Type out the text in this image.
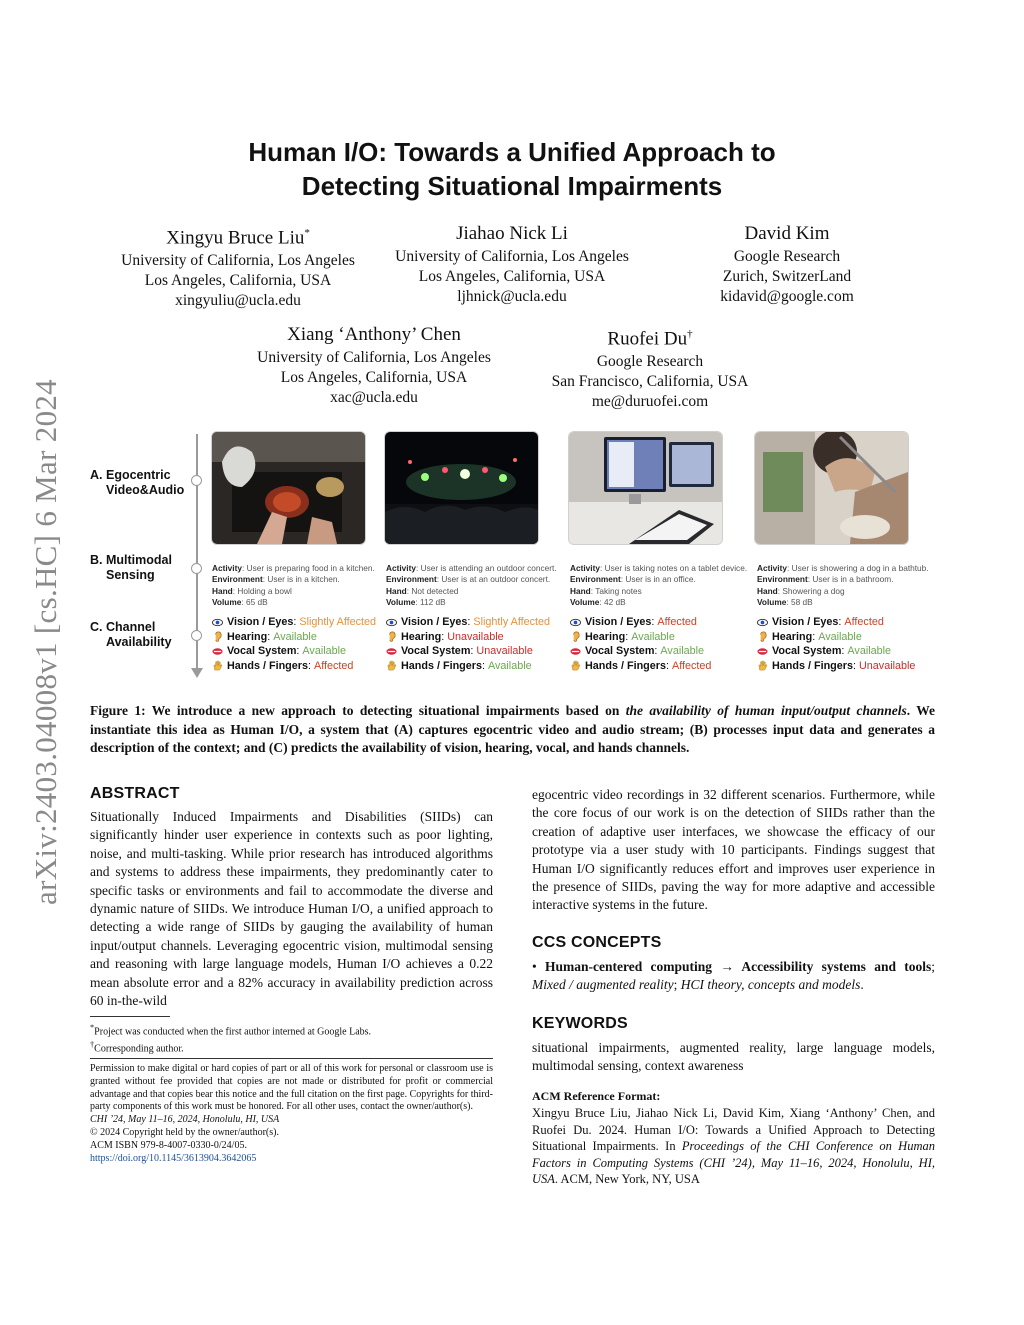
arXiv:2403.04008v1 [cs.HC] 6 Mar 2024
Human I/O: Towards a Unified Approach to
Detecting Situational Impairments
Xingyu Bruce Liu*
University of California, Los Angeles
Los Angeles, California, USA
xingyuliu@ucla.edu
Jiahao Nick Li
University of California, Los Angeles
Los Angeles, California, USA
ljhnick@ucla.edu
David Kim
Google Research
Zurich, SwitzerLand
kidavid@google.com
Xiang ‘Anthony’ Chen
University of California, Los Angeles
Los Angeles, California, USA
xac@ucla.edu
Ruofei Du†
Google Research
San Francisco, California, USA
me@duruofei.com
A. Egocentric
Video&Audio
B. Multimodal
Sensing
C. Channel
Availability
Activity: User is preparing food in a kitchen.
Environment: User is in a kitchen.
Hand: Holding a bowl
Volume: 65 dB
Activity: User is attending an outdoor concert.
Environment: User is at an outdoor concert.
Hand: Not detected
Volume: 112 dB
Activity: User is taking notes on a tablet device.
Environment: User is in an office.
Hand: Taking notes
Volume: 42 dB
Activity: User is showering a dog in a bathtub.
Environment: User is in a bathroom.
Hand: Showering a dog
Volume: 58 dB
Vision / Eyes : Slightly Affected
Hearing : Available
Vocal System : Available
Hands / Fingers : Affected
Vision / Eyes : Slightly Affected
Hearing : Unavailable
Vocal System : Unavailable
Hands / Fingers : Available
Vision / Eyes : Affected
Hearing : Available
Vocal System : Available
Hands / Fingers : Affected
Vision / Eyes : Affected
Hearing : Available
Vocal System : Available
Hands / Fingers : Unavailable
Figure 1: We introduce a new approach to detecting situational impairments based on the availability of human input/output channels. We instantiate this idea as Human I/O, a system that (A) captures egocentric video and audio stream; (B) processes input data and generates a description of the context; and (C) predicts the availability of vision, hearing, vocal, and hands channels.
ABSTRACT
Situationally Induced Impairments and Disabilities (SIIDs) can significantly hinder user experience in contexts such as poor lighting, noise, and multi-tasking. While prior research has introduced algorithms and systems to address these impairments, they predominantly cater to specific tasks or environments and fail to accommodate the diverse and dynamic nature of SIIDs. We introduce Human I/O, a unified approach to detecting a wide range of SIIDs by gauging the availability of human input/output channels. Leveraging egocentric vision, multimodal sensing and reasoning with large language models, Human I/O achieves a 0.22 mean absolute error and a 82% accuracy in availability prediction across 60 in-the-wild
*Project was conducted when the first author interned at Google Labs.
†Corresponding author.
Permission to make digital or hard copies of part or all of this work for personal or classroom use is granted without fee provided that copies are not made or distributed for profit or commercial advantage and that copies bear this notice and the full citation on the first page. Copyrights for third-party components of this work must be honored. For all other uses, contact the owner/author(s).
CHI ’24, May 11–16, 2024, Honolulu, HI, USA
© 2024 Copyright held by the owner/author(s).
ACM ISBN 979-8-4007-0330-0/24/05.
https://doi.org/10.1145/3613904.3642065
egocentric video recordings in 32 different scenarios. Furthermore, while the core focus of our work is on the detection of SIIDs rather than the creation of adaptive user interfaces, we showcase the efficacy of our prototype via a user study with 10 participants. Findings suggest that Human I/O significantly reduces effort and improves user experience in the presence of SIIDs, paving the way for more adaptive and accessible interactive systems in the future.
CCS CONCEPTS
• Human-centered computing → Accessibility systems and tools; Mixed / augmented reality; HCI theory, concepts and models.
KEYWORDS
situational impairments, augmented reality, large language models, multimodal sensing, context awareness
ACM Reference Format:
Xingyu Bruce Liu, Jiahao Nick Li, David Kim, Xiang ‘Anthony’ Chen, and Ruofei Du. 2024. Human I/O: Towards a Unified Approach to Detecting Situational Impairments. In Proceedings of the CHI Conference on Human Factors in Computing Systems (CHI ’24), May 11–16, 2024, Honolulu, HI, USA. ACM, New York, NY, USA
